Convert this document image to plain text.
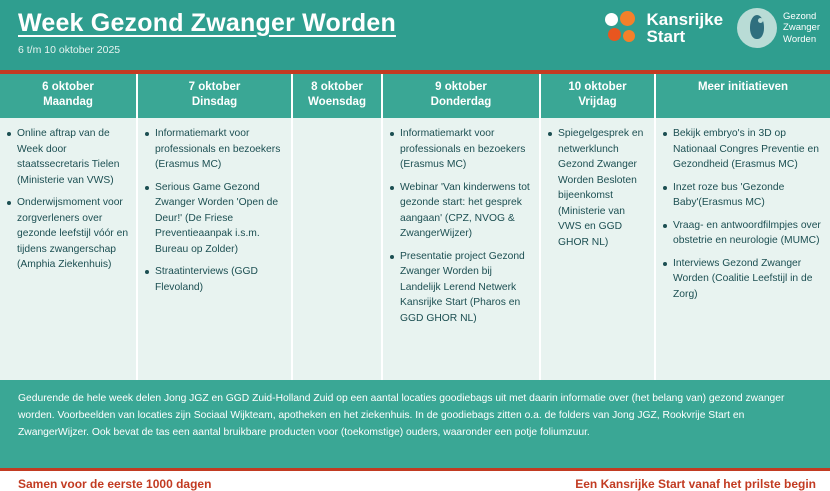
Week Gezond Zwanger Worden
6 t/m 10 oktober 2025
Kansrijke
Start
Gezond
Zwanger
Worden
6 oktober
Maandag
7 oktober
Dinsdag
8 oktober
Woensdag
9 oktober
Donderdag
10 oktober
Vrijdag
Meer initiatieven
Online aftrap van de Week door staatssecretaris Tielen (Ministerie van VWS)
Onderwijsmoment voor zorgverleners over gezonde leefstijl vóór en tijdens zwangerschap (Amphia Ziekenhuis)
Informatiemarkt voor professionals en bezoekers (Erasmus MC)
Serious Game Gezond Zwanger Worden 'Open de Deur!' (De Friese Preventieaanpak i.s.m. Bureau op Zolder)
Straatinterviews (GGD Flevoland)
Informatiemarkt voor professionals en bezoekers (Erasmus MC)
Webinar 'Van kinderwens tot gezonde start: het gesprek aangaan' (CPZ, NVOG & ZwangerWijzer)
Presentatie project Gezond Zwanger Worden bij Landelijk Lerend Netwerk Kansrijke Start (Pharos en GGD GHOR NL)
Spiegelgesprek en netwerklunch Gezond Zwanger Worden Besloten bijeenkomst (Ministerie van VWS en GGD GHOR NL)
Bekijk embryo's in 3D op Nationaal Congres Preventie en Gezondheid (Erasmus MC)
Inzet roze bus 'Gezonde Baby'(Erasmus MC)
Vraag- en antwoordfilmpjes over obstetrie en neurologie (MUMC)
Interviews Gezond Zwanger Worden (Coalitie Leefstijl in de Zorg)
Gedurende de hele week delen Jong JGZ en GGD Zuid-Holland Zuid op een aantal locaties goodiebags uit met daarin informatie over (het belang van) gezond zwanger worden. Voorbeelden van locaties zijn Sociaal Wijkteam, apotheken en het ziekenhuis. In de goodiebags zitten o.a. de folders van Jong JGZ, Rookvrije Start en ZwangerWijzer. Ook bevat de tas een aantal bruikbare producten voor (toekomstige) ouders, waaronder een potje foliumzuur.
Samen voor de eerste 1000 dagen	Een Kansrijke Start vanaf het prilste begin
